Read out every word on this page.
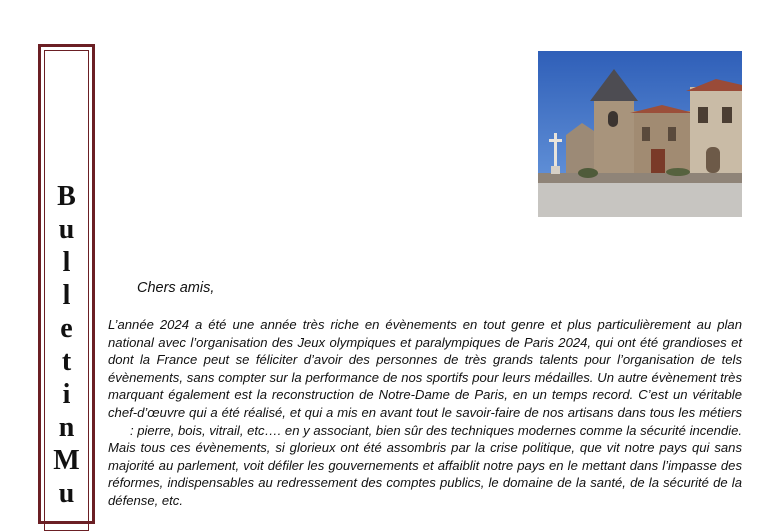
B
u
l
l
e
t
i
n
M
u
Chers amis,

L’année 2024 a été une année très riche en évènements en tout genre et plus particulièrement au plan national avec l’organisation des Jeux olympiques et paralympiques de Paris 2024, qui ont été grandioses et dont la France peut se féliciter d’avoir des personnes de très grands talents pour l’organisation de tels évènements, sans compter sur la performance de nos sportifs pour leurs médailles. Un autre évènement très marquant également est la reconstruction de Notre-Dame de Paris, en un temps record. C’est un véritable chef-d’œuvre qui a été réalisé, et qui a mis en avant tout le savoir-faire de nos artisans dans tous les métiers : pierre, bois, vitrail, etc…. en y associant, bien sûr des techniques modernes comme la sécurité incendie.

Mais tous ces évènements, si glorieux ont été assombris par la crise politique, que vit notre pays qui sans majorité au parlement, voit défiler les gouvernements et affaiblit notre pays en le mettant dans l’impasse des réformes, indispensables au redressement des comptes publics, le domaine de la santé, de la sécurité de la défense, etc.
